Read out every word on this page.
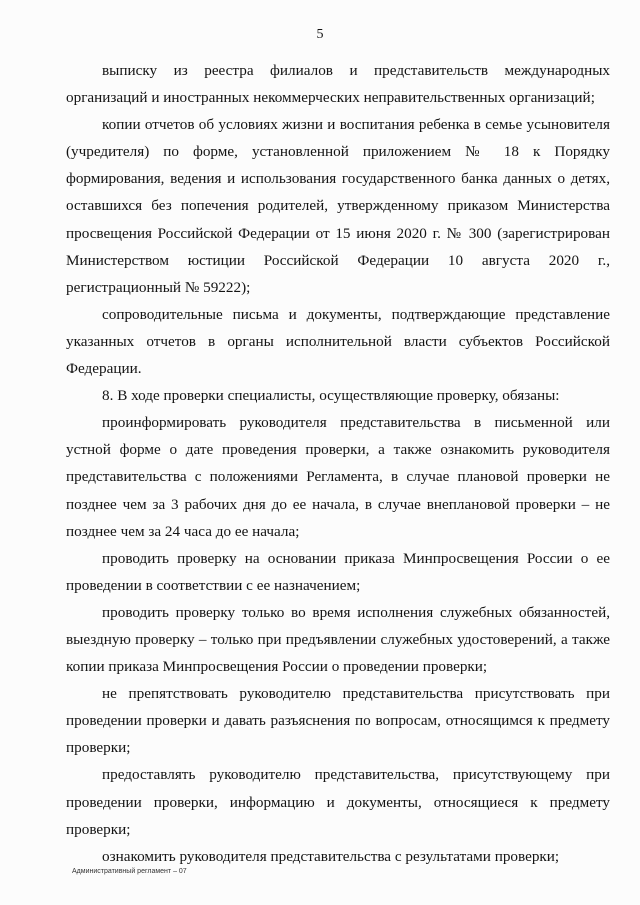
5

выписку из реестра филиалов и представительств международных организаций и иностранных некоммерческих неправительственных организаций;

копии отчетов об условиях жизни и воспитания ребенка в семье усыновителя (учредителя) по форме, установленной приложением № 18 к Порядку формирования, ведения и использования государственного банка данных о детях, оставшихся без попечения родителей, утвержденному приказом Министерства просвещения Российской Федерации от 15 июня 2020 г. № 300 (зарегистрирован Министерством юстиции Российской Федерации 10 августа 2020 г., регистрационный № 59222);

сопроводительные письма и документы, подтверждающие представление указанных отчетов в органы исполнительной власти субъектов Российской Федерации.

8. В ходе проверки специалисты, осуществляющие проверку, обязаны:

проинформировать руководителя представительства в письменной или устной форме о дате проведения проверки, а также ознакомить руководителя представительства с положениями Регламента, в случае плановой проверки не позднее чем за 3 рабочих дня до ее начала, в случае внеплановой проверки – не позднее чем за 24 часа до ее начала;

проводить проверку на основании приказа Минпросвещения России о ее проведении в соответствии с ее назначением;

проводить проверку только во время исполнения служебных обязанностей, выездную проверку – только при предъявлении служебных удостоверений, а также копии приказа Минпросвещения России о проведении проверки;

не препятствовать руководителю представительства присутствовать при проведении проверки и давать разъяснения по вопросам, относящимся к предмету проверки;

предоставлять руководителю представительства, присутствующему при проведении проверки, информацию и документы, относящиеся к предмету проверки;

ознакомить руководителя представительства с результатами проверки;

Административный регламент – 07
